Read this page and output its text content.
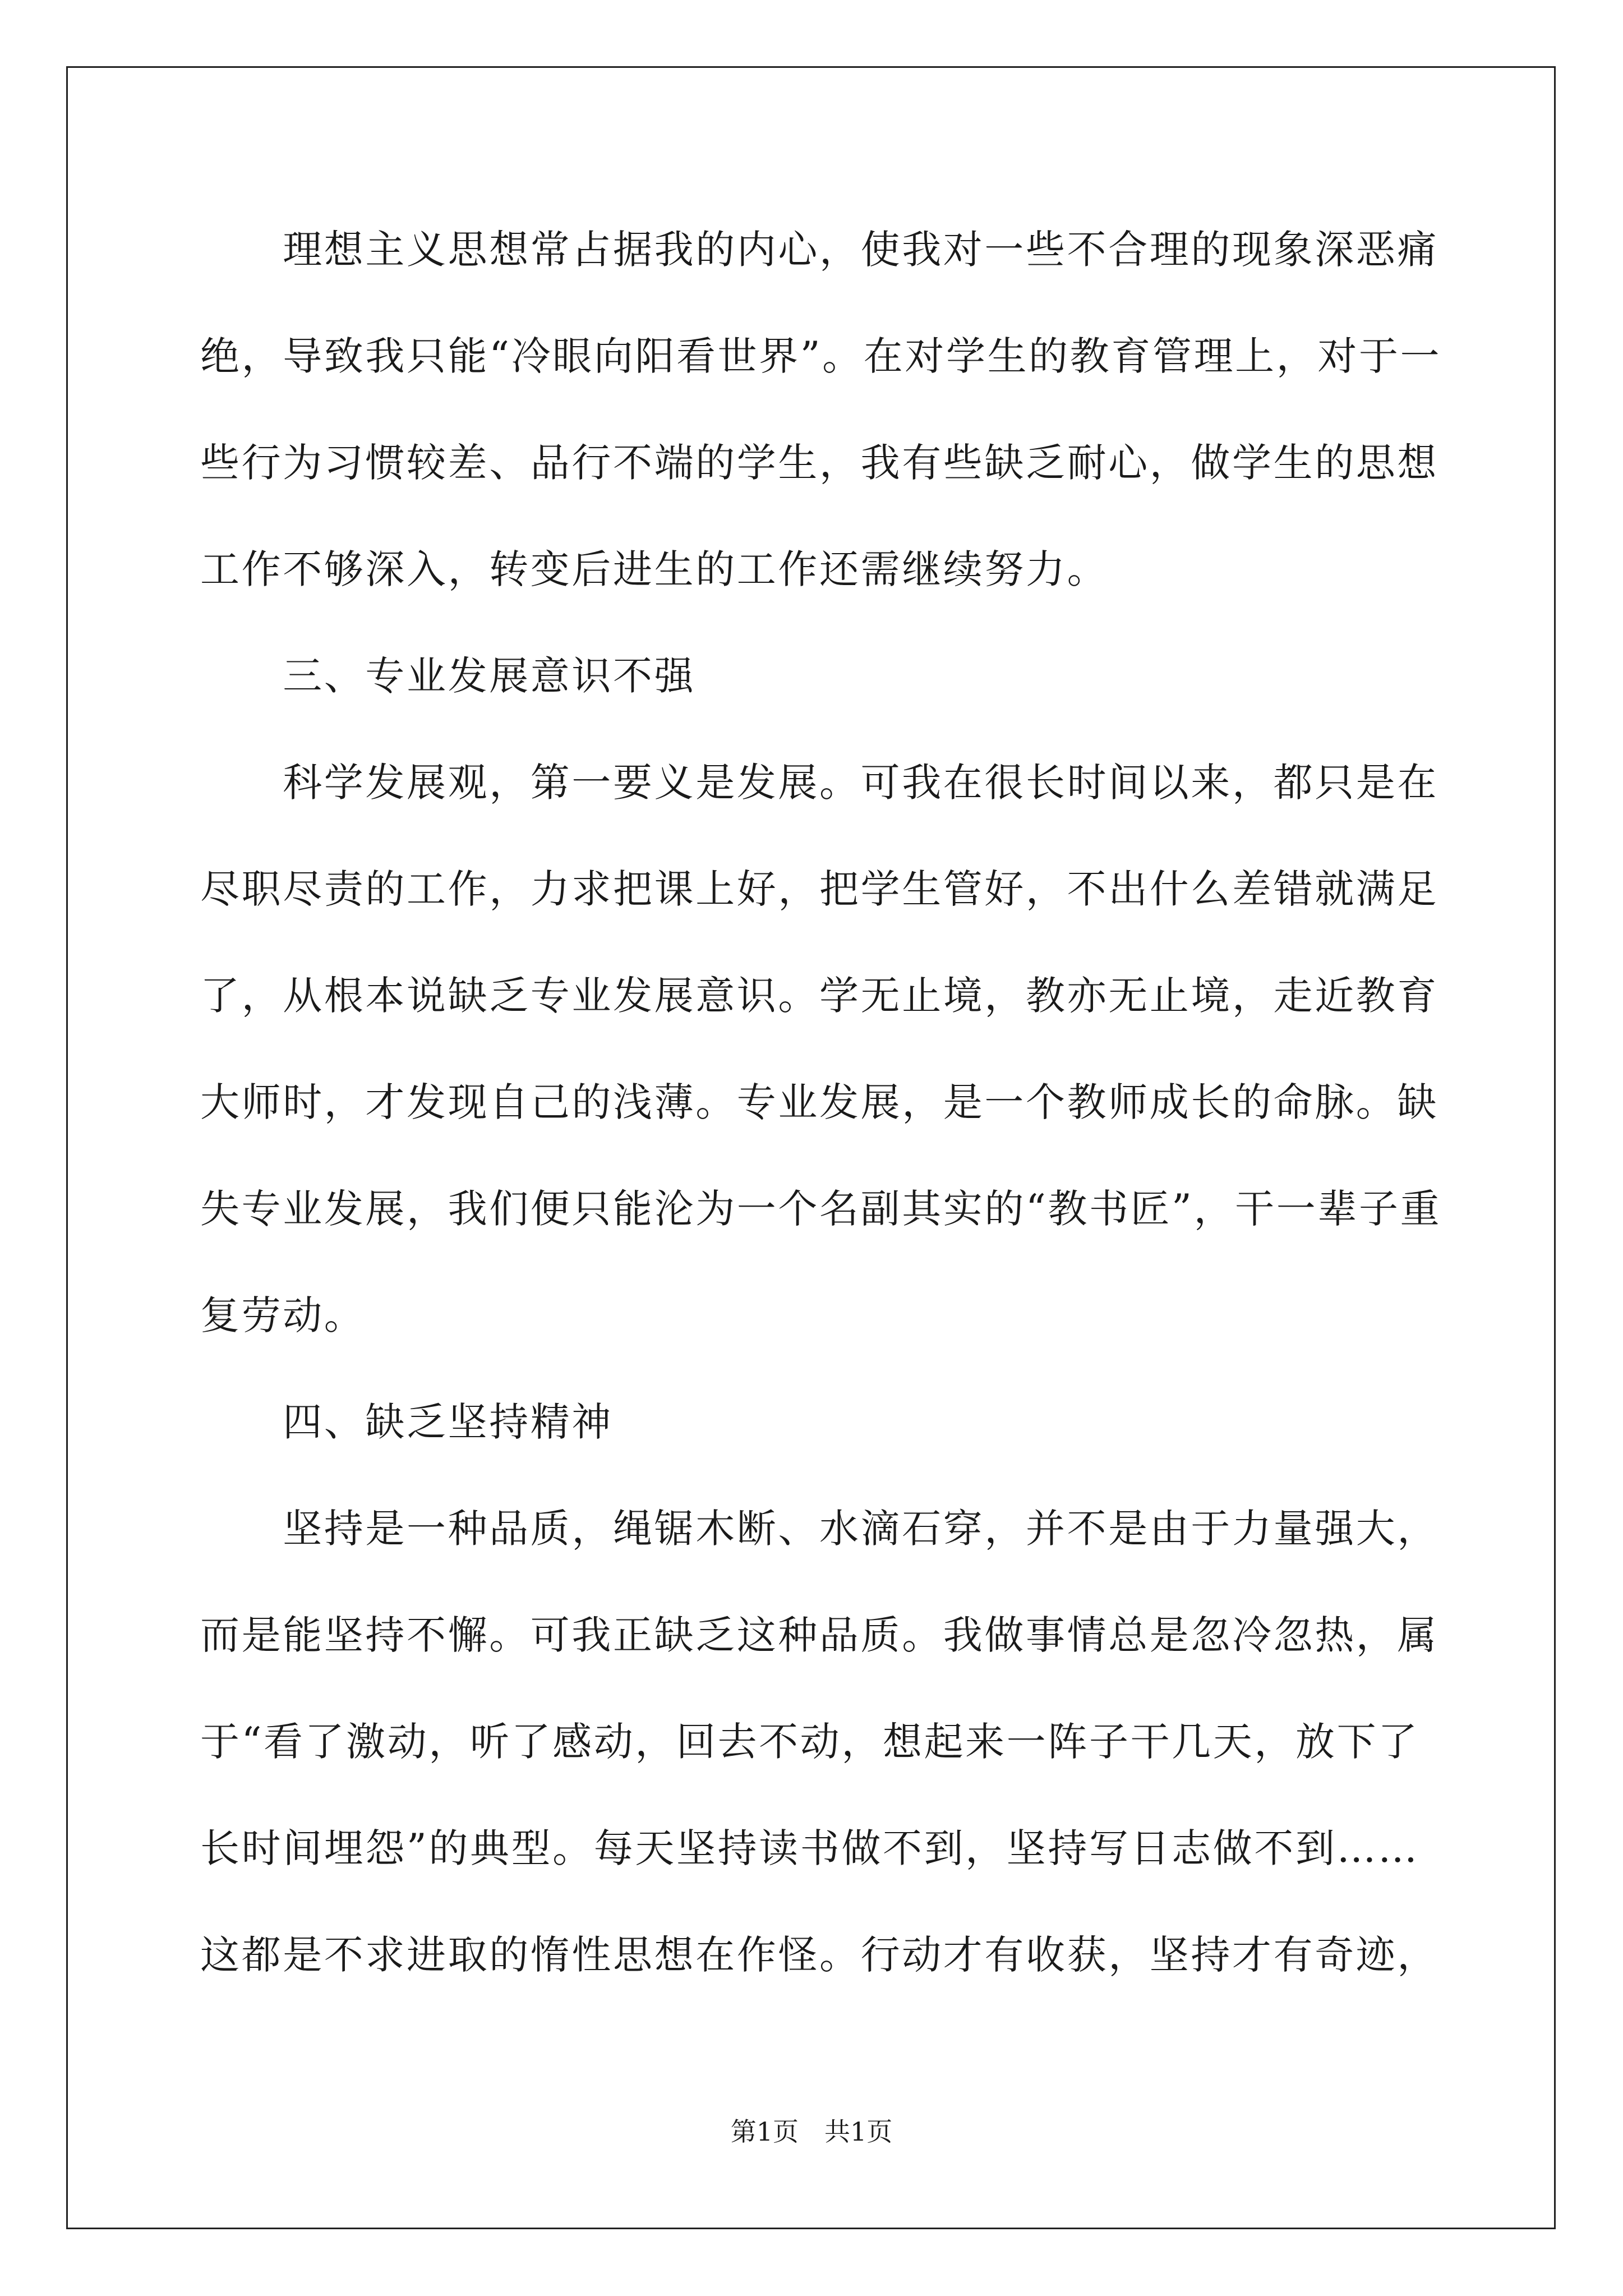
　　理想主义思想常占据我的内心，使我对一些不合理的现象深恶痛
绝，导致我只能“冷眼向阳看世界”。在对学生的教育管理上，对于一
些行为习惯较差、品行不端的学生，我有些缺乏耐心，做学生的思想
工作不够深入，转变后进生的工作还需继续努力。
　　三、专业发展意识不强
　　科学发展观，第一要义是发展。可我在很长时间以来，都只是在
尽职尽责的工作，力求把课上好，把学生管好，不出什么差错就满足
了，从根本说缺乏专业发展意识。学无止境，教亦无止境，走近教育
大师时，才发现自己的浅薄。专业发展，是一个教师成长的命脉。缺
失专业发展，我们便只能沦为一个名副其实的“教书匠”，干一辈子重
复劳动。
　　四、缺乏坚持精神
　　坚持是一种品质，绳锯木断、水滴石穿，并不是由于力量强大，
而是能坚持不懈。可我正缺乏这种品质。我做事情总是忽冷忽热，属
于“看了激动，听了感动，回去不动，想起来一阵子干几天，放下了
长时间埋怨”的典型。每天坚持读书做不到，坚持写日志做不到……
这都是不求进取的惰性思想在作怪。行动才有收获，坚持才有奇迹，
第1页　共1页
